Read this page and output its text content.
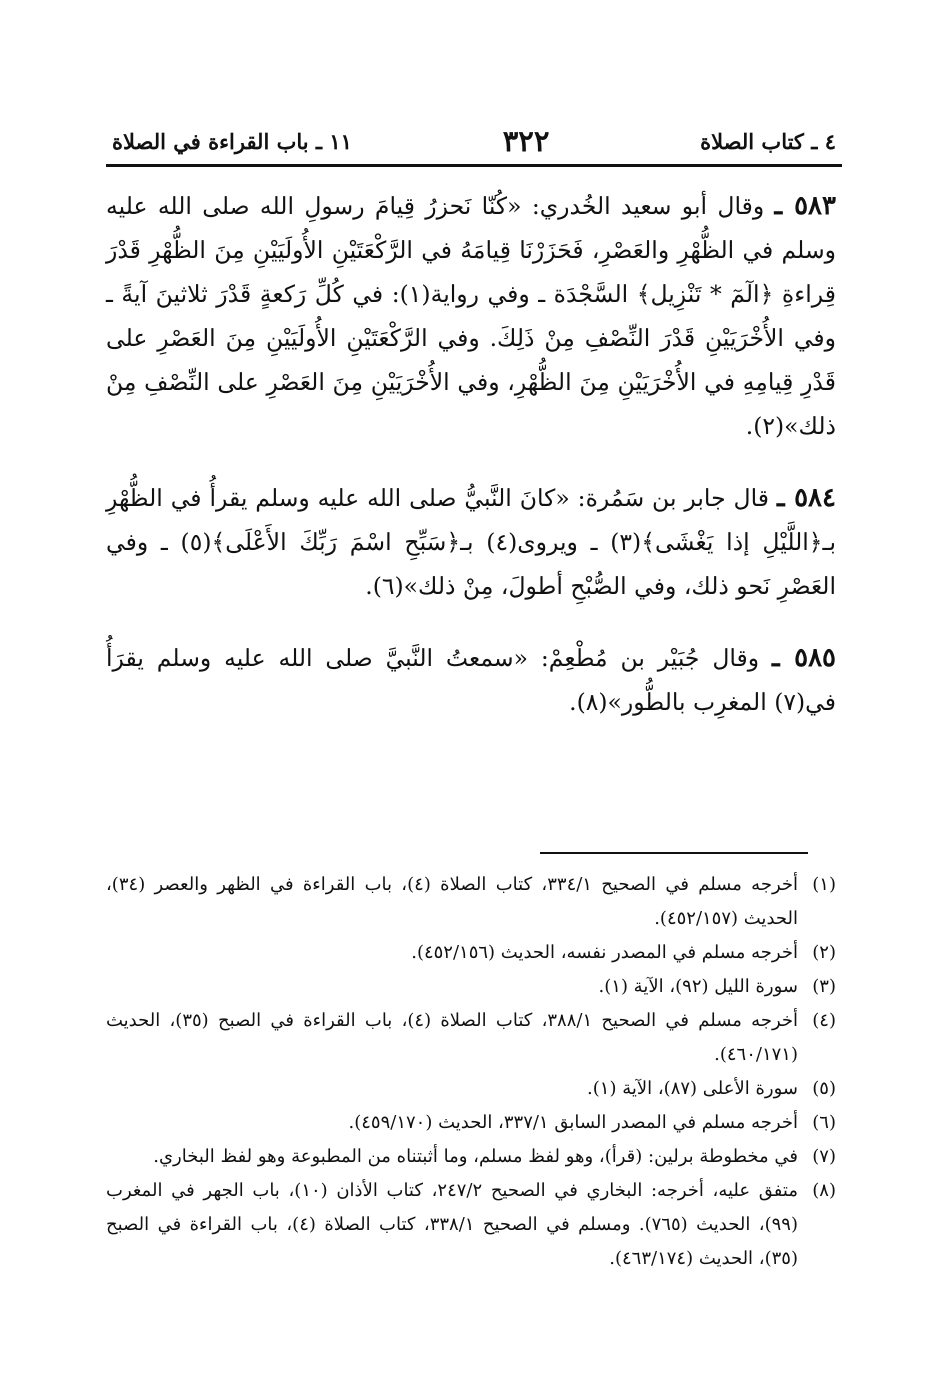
٤ ـ كتاب الصلاة
٣٢٢
١١ ـ باب القراءة في الصلاة

٥٨٣ ـ وقال أبو سعيد الخُدري: «كُنّا نَحزرُ قِيامَ رسولِ الله صلى الله عليه وسلم في الظُّهْرِ والعَصْرِ، فَحَزَرْنَا قِيامَهُ في الرَّكْعَتَيْنِ الأُولَيَيْنِ مِنَ الظُّهْرِ قَدْرَ قِراءةِ ﴿الٓمٓ * تَنْزِيل﴾ السَّجْدَة ـ وفي رواية(١): في كُلِّ رَكعةٍ قَدْرَ ثلاثينَ آيةً ـ وفي الأُخْرَيَيْنِ قَدْرَ النِّصْفِ مِنْ ذَلِكَ. وفي الرَّكْعَتَيْنِ الأُولَيَيْنِ مِنَ العَصْرِ على قَدْرِ قِيامِهِ في الأُخْرَيَيْنِ مِنَ الظُّهْرِ، وفي الأُخْرَيَيْنِ مِنَ العَصْرِ على النِّصْفِ مِنْ ذلك»(٢).

٥٨٤ ـ قال جابر بن سَمُرة: «كانَ النَّبيُّ صلى الله عليه وسلم يقرأُ في الظُّهْرِ بـ﴿اللَّيْلِ إذا يَغْشَى﴾(٣) ـ ويروى(٤) بـ﴿سَبِّحِ اسْمَ رَبِّكَ الأَعْلَى﴾(٥) ـ وفي العَصْرِ نَحو ذلك، وفي الصُّبْحِ أطولَ، مِنْ ذلك»(٦).

٥٨٥ ـ وقال جُبَيْر بن مُطْعِمْ: «سمعتُ النَّبيَّ صلى الله عليه وسلم يقرَأُ في(٧) المغرِب بالطُّور»(٨).

(١)
أخرجه مسلم في الصحيح ٣٣٤/١، كتاب الصلاة (٤)، باب القراءة في الظهر والعصر (٣٤)، الحديث (٤٥٢/١٥٧).

(٢)
أخرجه مسلم في المصدر نفسه، الحديث (٤٥٢/١٥٦).

(٣)
سورة الليل (٩٢)، الآية (١).

(٤)
أخرجه مسلم في الصحيح ٣٨٨/١، كتاب الصلاة (٤)، باب القراءة في الصبح (٣٥)، الحديث (٤٦٠/١٧١).

(٥)
سورة الأعلى (٨٧)، الآية (١).

(٦)
أخرجه مسلم في المصدر السابق ٣٣٧/١، الحديث (٤٥٩/١٧٠).

(٧)
في مخطوطة برلين: (قرأ)، وهو لفظ مسلم، وما أثبتناه من المطبوعة وهو لفظ البخاري.

(٨)
متفق عليه، أخرجه: البخاري في الصحيح ٢٤٧/٢، كتاب الأذان (١٠)، باب الجهر في المغرب (٩٩)، الحديث (٧٦٥). ومسلم في الصحيح ٣٣٨/١، كتاب الصلاة (٤)، باب القراءة في الصبح (٣٥)، الحديث (٤٦٣/١٧٤).
